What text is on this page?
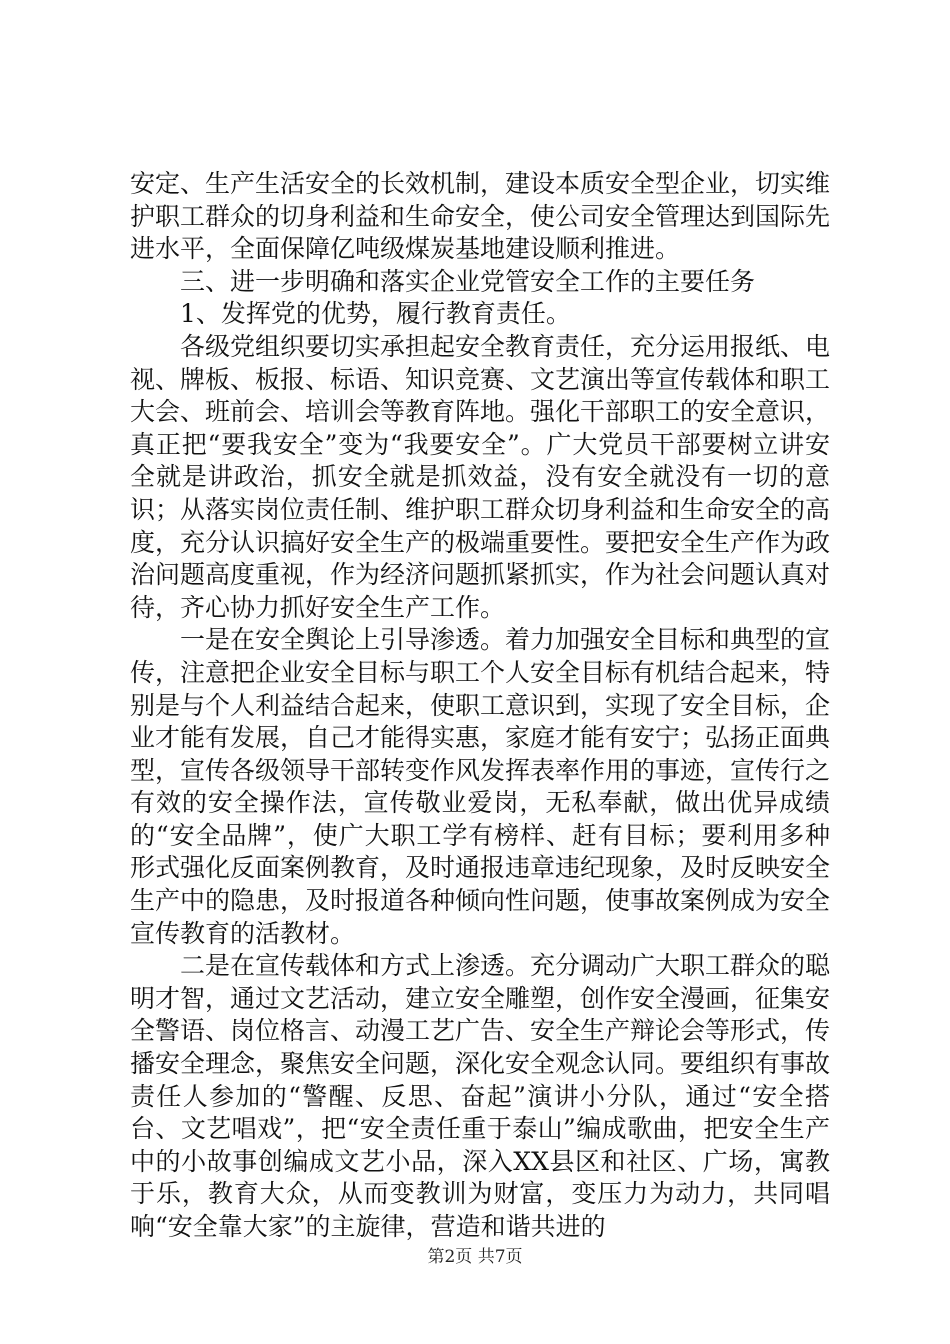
安定、生产生活安全的长效机制，建设本质安全型企业，切实维护职工群众的切身利益和生命安全，使公司安全管理达到国际先进水平，全面保障亿吨级煤炭基地建设顺利推进。

三、进一步明确和落实企业党管安全工作的主要任务

1、发挥党的优势，履行教育责任。

各级党组织要切实承担起安全教育责任，充分运用报纸、电视、牌板、板报、标语、知识竞赛、文艺演出等宣传载体和职工大会、班前会、培训会等教育阵地。强化干部职工的安全意识，真正把“要我安全”变为“我要安全”。广大党员干部要树立讲安全就是讲政治，抓安全就是抓效益，没有安全就没有一切的意识；从落实岗位责任制、维护职工群众切身利益和生命安全的高度，充分认识搞好安全生产的极端重要性。要把安全生产作为政治问题高度重视，作为经济问题抓紧抓实，作为社会问题认真对待，齐心协力抓好安全生产工作。

一是在安全舆论上引导渗透。着力加强安全目标和典型的宣传，注意把企业安全目标与职工个人安全目标有机结合起来，特别是与个人利益结合起来，使职工意识到，实现了安全目标，企业才能有发展，自己才能得实惠，家庭才能有安宁；弘扬正面典型，宣传各级领导干部转变作风发挥表率作用的事迹，宣传行之有效的安全操作法，宣传敬业爱岗，无私奉献，做出优异成绩的“安全品牌”，使广大职工学有榜样、赶有目标；要利用多种形式强化反面案例教育，及时通报违章违纪现象，及时反映安全生产中的隐患，及时报道各种倾向性问题，使事故案例成为安全宣传教育的活教材。

二是在宣传载体和方式上渗透。充分调动广大职工群众的聪明才智，通过文艺活动，建立安全雕塑，创作安全漫画，征集安全警语、岗位格言、动漫工艺广告、安全生产辩论会等形式，传播安全理念，聚焦安全问题，深化安全观念认同。要组织有事故责任人参加的“警醒、反思、奋起”演讲小分队，通过“安全搭台、文艺唱戏”，把“安全责任重于泰山”编成歌曲，把安全生产中的小故事创编成文艺小品，深入XX县区和社区、广场，寓教于乐，教育大众，从而变教训为财富，变压力为动力，共同唱响“安全靠大家”的主旋律，营造和谐共进的

第2页 共7页
